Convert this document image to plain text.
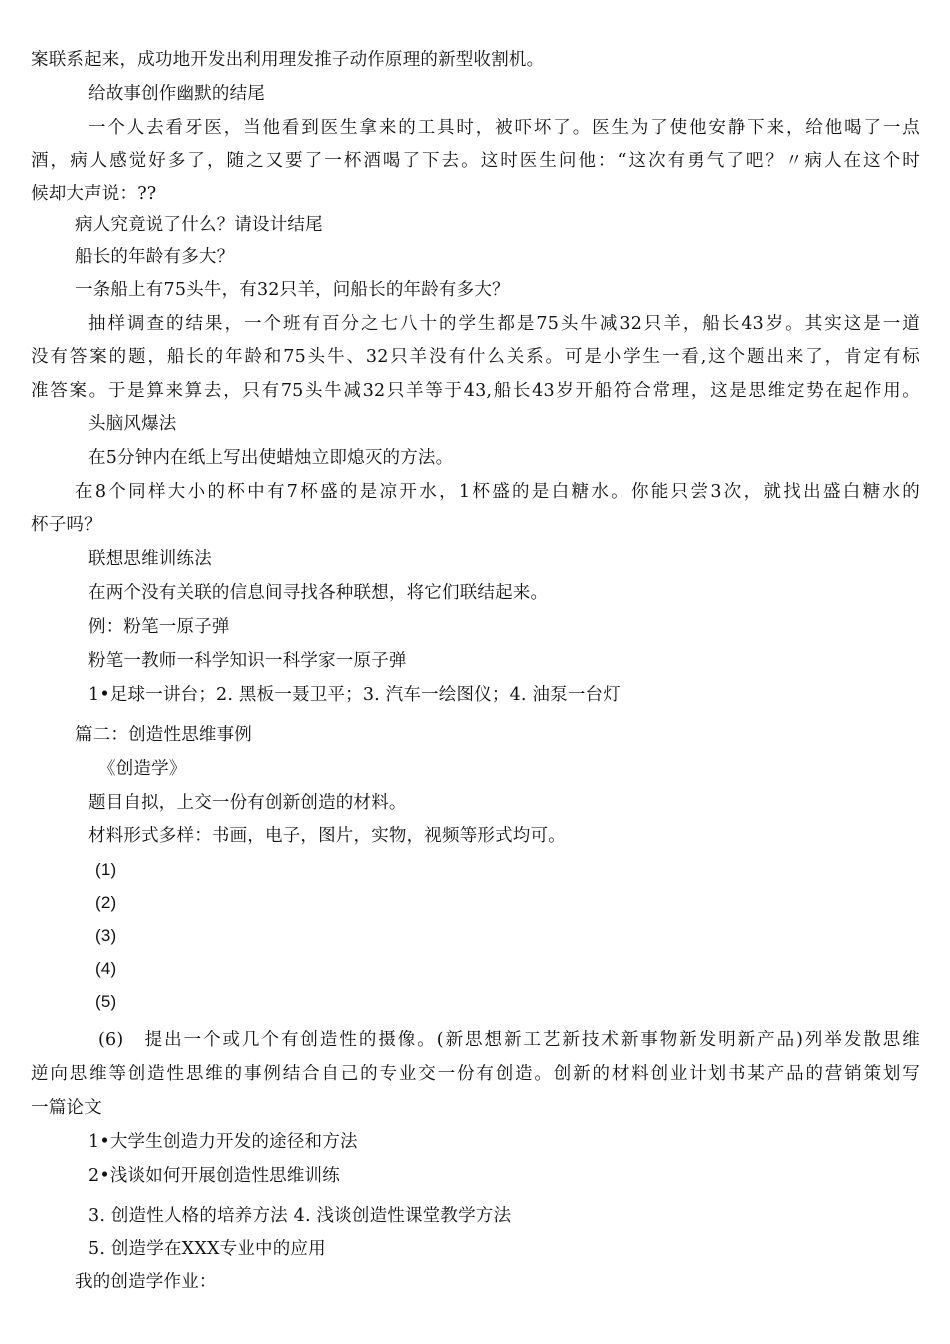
案联系起来，成功地开发出利用理发推子动作原理的新型收割机。
给故事创作幽默的结尾
一个人去看牙医，当他看到医生拿来的工具时，被吓坏了。医生为了使他安静下来，给他喝了一点
酒，病人感觉好多了，随之又要了一杯酒喝了下去。这时医生问他：“这次有勇气了吧？〃病人在这个时
候却大声说：??
病人究竟说了什么？请设计结尾
船长的年龄有多大？
一条船上有75头牛，有32只羊，问船长的年龄有多大？
抽样调查的结果，一个班有百分之七八十的学生都是75头牛减32只羊，船长43岁。其实这是一道
没有答案的题，船长的年龄和75头牛、32只羊没有什么关系。可是小学生一看,这个题出来了，肯定有标
准答案。于是算来算去，只有75头牛减32只羊等于43,船长43岁开船符合常理，这是思维定势在起作用。
头脑风爆法
在5分钟内在纸上写出使蜡烛立即熄灭的方法。
在8个同样大小的杯中有7杯盛的是凉开水，1杯盛的是白糖水。你能只尝3次，就找出盛白糖水的
杯子吗？
联想思维训练法
在两个没有关联的信息间寻找各种联想，将它们联结起来。
例：粉笔一原子弹
粉笔一教师一科学知识一科学家一原子弹
1•足球一讲台；2. 黑板一聂卫平；3. 汽车一绘图仪；4. 油泵一台灯
篇二：创造性思维事例
《创造学》
题目自拟，上交一份有创新创造的材料。
材料形式多样：书画，电子，图片，实物，视频等形式均可。
(1)
(2)
(3)
(4)
(5)
(6)　提出一个或几个有创造性的摄像。(新思想新工艺新技术新事物新发明新产品)列举发散思维
逆向思维等创造性思维的事例结合自己的专业交一份有创造。创新的材料创业计划书某产品的营销策划写
一篇论文
1•大学生创造力开发的途径和方法
2•浅谈如何开展创造性思维训练
3. 创造性人格的培养方法 4. 浅谈创造性课堂教学方法
5. 创造学在XXX专业中的应用
我的创造学作业：
